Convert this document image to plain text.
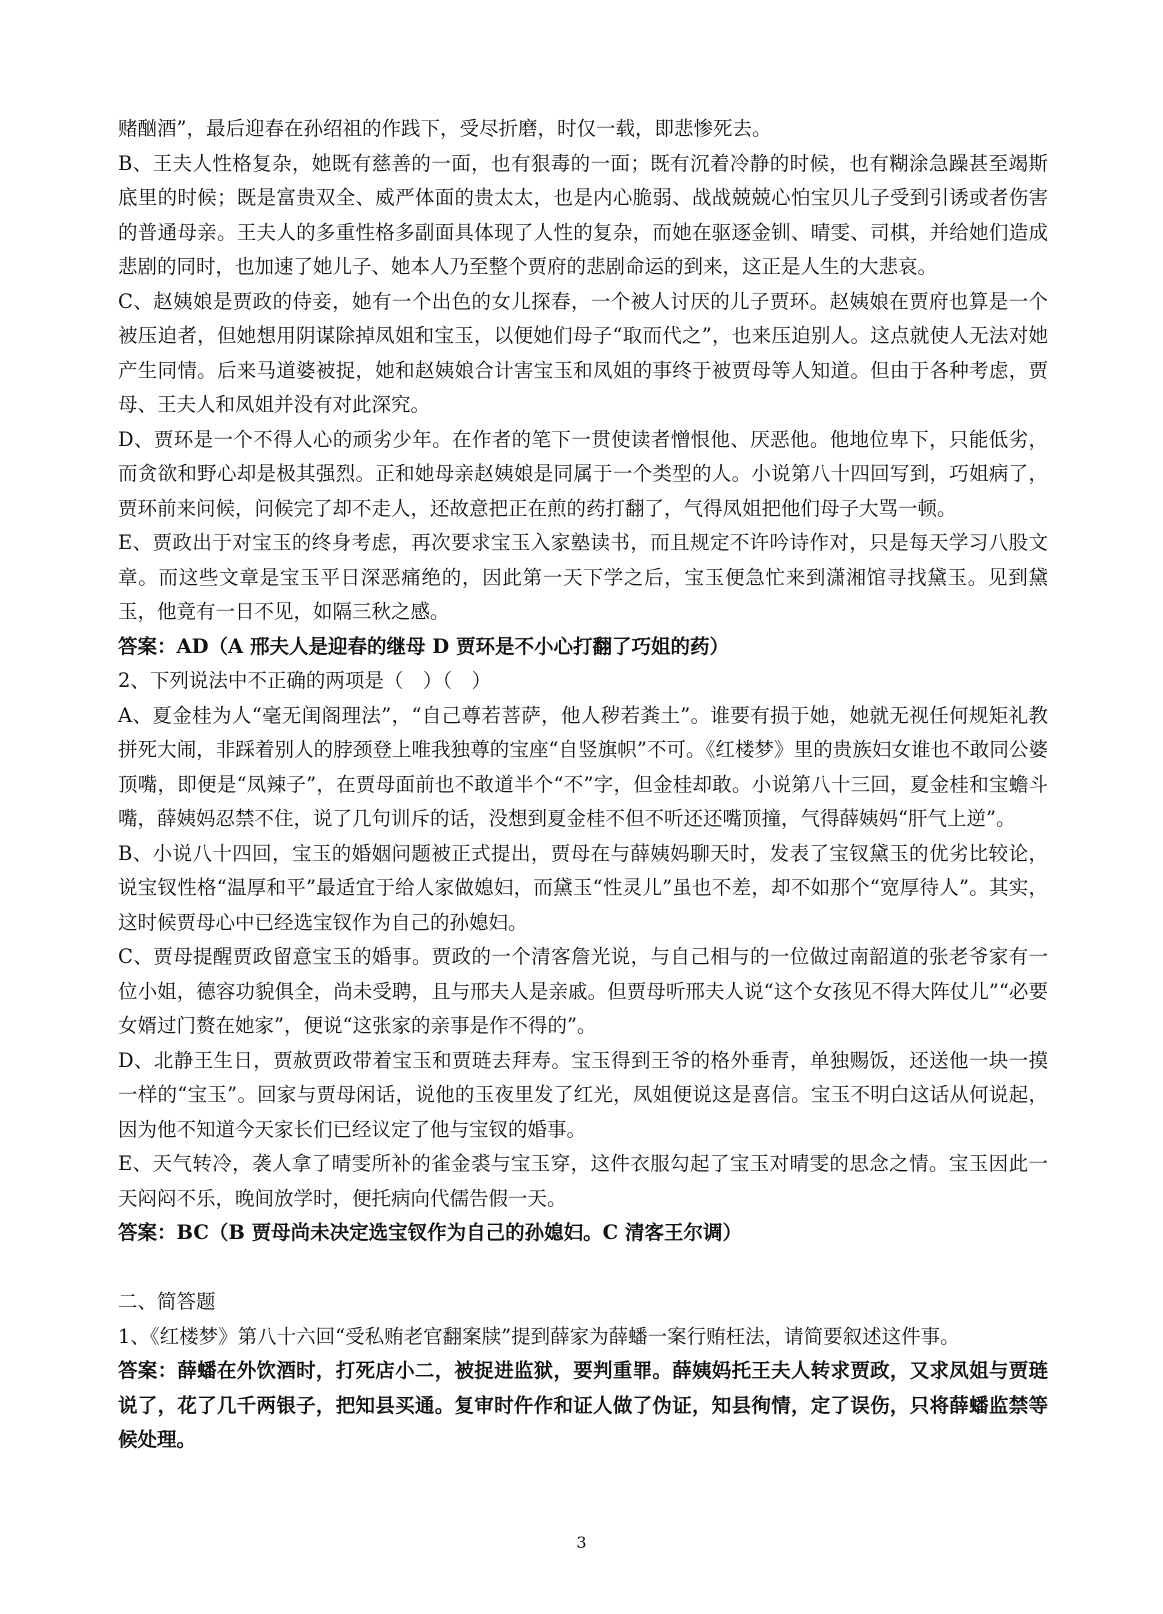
赌酗酒”，最后迎春在孙绍祖的作践下，受尽折磨，时仅一载，即悲惨死去。

B、王夫人性格复杂，她既有慈善的一面，也有狠毒的一面；既有沉着冷静的时候，也有糊涂急躁甚至竭斯底里的时候；既是富贵双全、威严体面的贵太太，也是内心脆弱、战战兢兢心怕宝贝儿子受到引诱或者伤害的普通母亲。王夫人的多重性格多副面具体现了人性的复杂，而她在驱逐金钏、晴雯、司棋，并给她们造成悲剧的同时，也加速了她儿子、她本人乃至整个贾府的悲剧命运的到来，这正是人生的大悲哀。

C、赵姨娘是贾政的侍妾，她有一个出色的女儿探春，一个被人讨厌的儿子贾环。赵姨娘在贾府也算是一个被压迫者，但她想用阴谋除掉凤姐和宝玉，以便她们母子“取而代之”，也来压迫别人。这点就使人无法对她产生同情。后来马道婆被捉，她和赵姨娘合计害宝玉和凤姐的事终于被贾母等人知道。但由于各种考虑，贾母、王夫人和凤姐并没有对此深究。

D、贾环是一个不得人心的顽劣少年。在作者的笔下一贯使读者憎恨他、厌恶他。他地位卑下，只能低劣，而贪欲和野心却是极其强烈。正和她母亲赵姨娘是同属于一个类型的人。小说第八十四回写到，巧姐病了，贾环前来问候，问候完了却不走人，还故意把正在煎的药打翻了，气得凤姐把他们母子大骂一顿。

E、贾政出于对宝玉的终身考虑，再次要求宝玉入家塾读书，而且规定不许吟诗作对，只是每天学习八股文章。而这些文章是宝玉平日深恶痛绝的，因此第一天下学之后，宝玉便急忙来到潇湘馆寻找黛玉。见到黛玉，他竟有一日不见，如隔三秋之感。

答案：AD（A 邢夫人是迎春的继母 D 贾环是不小心打翻了巧姐的药）

2、下列说法中不正确的两项是（　）（　）

A、夏金桂为人“毫无闺阁理法”，“自己尊若菩萨，他人秽若粪土”。谁要有损于她，她就无视任何规矩礼教拼死大闹，非踩着别人的脖颈登上唯我独尊的宝座“自竖旗帜”不可。《红楼梦》里的贵族妇女谁也不敢同公婆顶嘴，即便是“凤辣子”，在贾母面前也不敢道半个“不”字，但金桂却敢。小说第八十三回，夏金桂和宝蟾斗嘴，薛姨妈忍禁不住，说了几句训斥的话，没想到夏金桂不但不听还还嘴顶撞，气得薛姨妈“肝气上逆”。

B、小说八十四回，宝玉的婚姻问题被正式提出，贾母在与薛姨妈聊天时，发表了宝钗黛玉的优劣比较论，说宝钗性格“温厚和平”最适宜于给人家做媳妇，而黛玉“性灵儿”虽也不差，却不如那个“宽厚待人”。其实，这时候贾母心中已经选宝钗作为自己的孙媳妇。

C、贾母提醒贾政留意宝玉的婚事。贾政的一个清客詹光说，与自己相与的一位做过南韶道的张老爷家有一位小姐，德容功貌俱全，尚未受聘，且与邢夫人是亲戚。但贾母听邢夫人说“这个女孩见不得大阵仗儿”“必要女婿过门赘在她家”，便说“这张家的亲事是作不得的”。

D、北静王生日，贾赦贾政带着宝玉和贾琏去拜寿。宝玉得到王爷的格外垂青，单独赐饭，还送他一块一摸一样的“宝玉”。回家与贾母闲话，说他的玉夜里发了红光，凤姐便说这是喜信。宝玉不明白这话从何说起，因为他不知道今天家长们已经议定了他与宝钗的婚事。

E、天气转冷，袭人拿了晴雯所补的雀金裘与宝玉穿，这件衣服勾起了宝玉对晴雯的思念之情。宝玉因此一天闷闷不乐，晚间放学时，便托病向代儒告假一天。

答案：BC（B 贾母尚未决定选宝钗作为自己的孙媳妇。C 清客王尔调）

二、简答题

1、《红楼梦》第八十六回“受私贿老官翻案牍”提到薛家为薛蟠一案行贿枉法，请简要叙述这件事。

答案：薛蟠在外饮酒时，打死店小二，被捉进监狱，要判重罪。薛姨妈托王夫人转求贾政，又求凤姐与贾琏说了，花了几千两银子，把知县买通。复审时仵作和证人做了伪证，知县徇情，定了误伤，只将薛蟠监禁等候处理。

3
